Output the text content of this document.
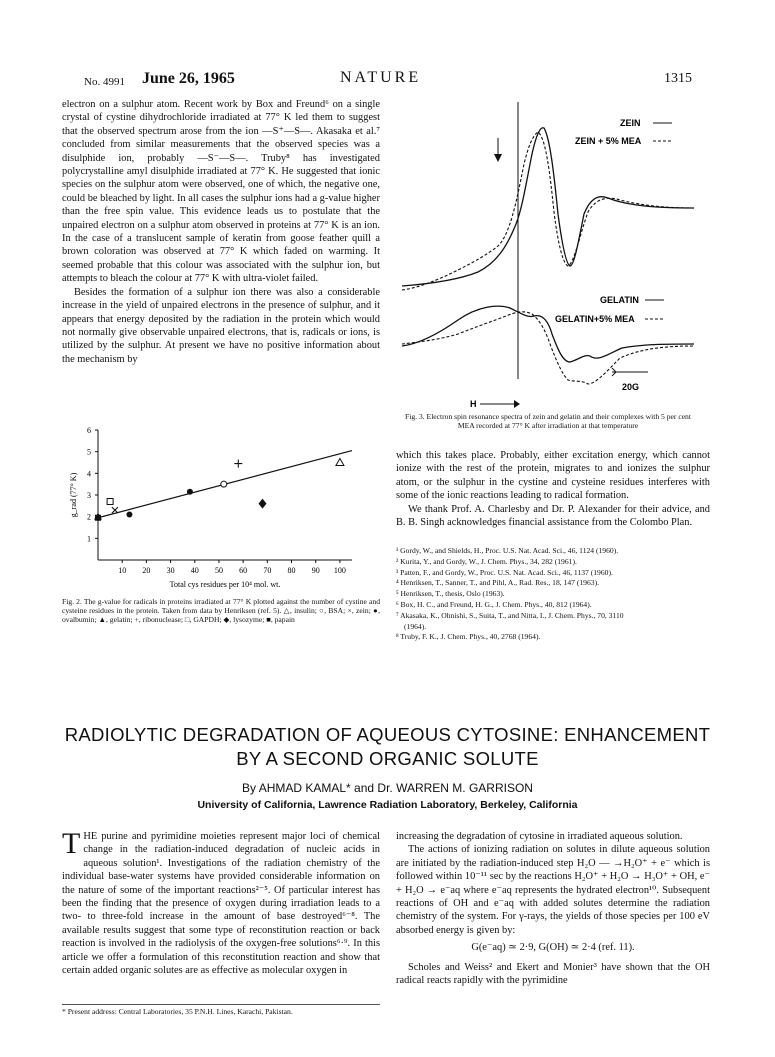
No. 4991 June 26, 1965	NATURE	1315

electron on a sulphur atom. Recent work by Box and Freund⁶ on a single crystal of cystine dihydrochloride irradiated at 77° K led them to suggest that the observed spectrum arose from the ion —S⁺—S—. Akasaka et al.⁷ concluded from similar measurements that the observed species was a disulphide ion, probably —S⁻—S—. Truby⁸ has investigated polycrystalline amyl disulphide irradiated at 77° K. He suggested that ionic species on the sulphur atom were observed, one of which, the negative one, could be bleached by light. In all cases the sulphur ions had a g-value higher than the free spin value. This evidence leads us to postulate that the unpaired electron on a sulphur atom observed in proteins at 77° K is an ion. In the case of a translucent sample of keratin from goose feather quill a brown coloration was observed at 77° K which faded on warming. It seemed probable that this colour was associated with the sulphur ion, but attempts to bleach the colour at 77° K with ultra-violet failed.

Besides the formation of a sulphur ion there was also a considerable increase in the yield of unpaired electrons in the presence of sulphur, and it appears that energy deposited by the radiation in the protein which would not normally give observable unpaired electrons, that is, radicals or ions, is utilized by the sulphur. At present we have no positive information about the mechanism by

1
2
3
4
5
6
10 20 30 40 50 60 70 80 90 100
Total cys residues per 10⁴ mol. wt.
g_rad (77° K)
Fig. 2. The g-value for radicals in proteins irradiated at 77° K plotted against the number of cystine and cysteine residues in the protein. Taken from data by Henriksen (ref. 5). △, insulin; ○, BSA; ×, zein; ●, ovalbumin; ▲, gelatin; +, ribonuclease; □, GAPDH; ◆, lysozyme; ■, papain
ZEIN
ZEIN + 5% MEA
GELATIN
GELATIN+5% MEA
20G
H
Fig. 3. Electron spin resonance spectra of zein and gelatin and their complexes with 5 per cent MEA recorded at 77° K after irradiation at that temperature

which this takes place. Probably, either excitation energy, which cannot ionize with the rest of the protein, migrates to and ionizes the sulphur atom, or the sulphur in the cystine and cysteine residues interferes with some of the ionic reactions leading to radical formation.

We thank Prof. A. Charlesby and Dr. P. Alexander for their advice, and B. B. Singh acknowledges financial assistance from the Colombo Plan.

¹ Gordy, W., and Shields, H., Proc. U.S. Nat. Acad. Sci., 46, 1124 (1960).
² Kurita, Y., and Gordy, W., J. Chem. Phys., 34, 282 (1961).
³ Patten, F., and Gordy, W., Proc. U.S. Nat. Acad. Sci., 46, 1137 (1960).
⁴ Henriksen, T., Sanner, T., and Pihl, A., Rad. Res., 18, 147 (1963).
⁵ Henriksen, T., thesis, Oslo (1963).
⁶ Box, H. C., and Freund, H. G., J. Chem. Phys., 40, 812 (1964).
⁷ Akasaka, K., Ohnishi, S., Suita, T., and Nitta, I., J. Chem. Phys., 70, 3110
(1964).
⁸ Truby, F. K., J. Chem. Phys., 40, 2768 (1964).
RADIOLYTIC DEGRADATION OF AQUEOUS CYTOSINE: ENHANCEMENT
BY A SECOND ORGANIC SOLUTE
By AHMAD KAMAL* and Dr. WARREN M. GARRISON
University of California, Lawrence Radiation Laboratory, Berkeley, California

THE purine and pyrimidine moieties represent major loci of chemical change in the radiation-induced degradation of nucleic acids in aqueous solution¹. Investigations of the radiation chemistry of the individual base-water systems have provided considerable information on the nature of some of the important reactions²⁻⁵. Of particular interest has been the finding that the presence of oxygen during irradiation leads to a two- to three-fold increase in the amount of base destroyed⁶⁻⁸. The available results suggest that some type of reconstitution reaction or back reaction is involved in the radiolysis of the oxygen-free solutions⁶·⁹. In this article we offer a formulation of this reconstitution reaction and show that certain added organic solutes are as effective as molecular oxygen in

* Present address: Central Laboratories, 35 P.N.H. Lines, Karachi, Pakistan.

increasing the degradation of cytosine in irradiated aqueous solution.

The actions of ionizing radiation on solutes in dilute aqueous solution are initiated by the radiation-induced step H₂O — →H₂O⁺ + e⁻ which is followed within 10⁻¹¹ sec by the reactions H₂O⁺ + H₂O → H₃O⁺ + OH, e⁻ + H₂O → e⁻aq where e⁻aq represents the hydrated electron¹⁰. Subsequent reactions of OH and e⁻aq with added solutes determine the radiation chemistry of the system. For γ-rays, the yields of those species per 100 eV absorbed energy is given by:

G(e⁻aq) ≃ 2·9, G(OH) ≃ 2·4 (ref. 11).

Scholes and Weiss² and Ekert and Monier³ have shown that the OH radical reacts rapidly with the pyrimidine
